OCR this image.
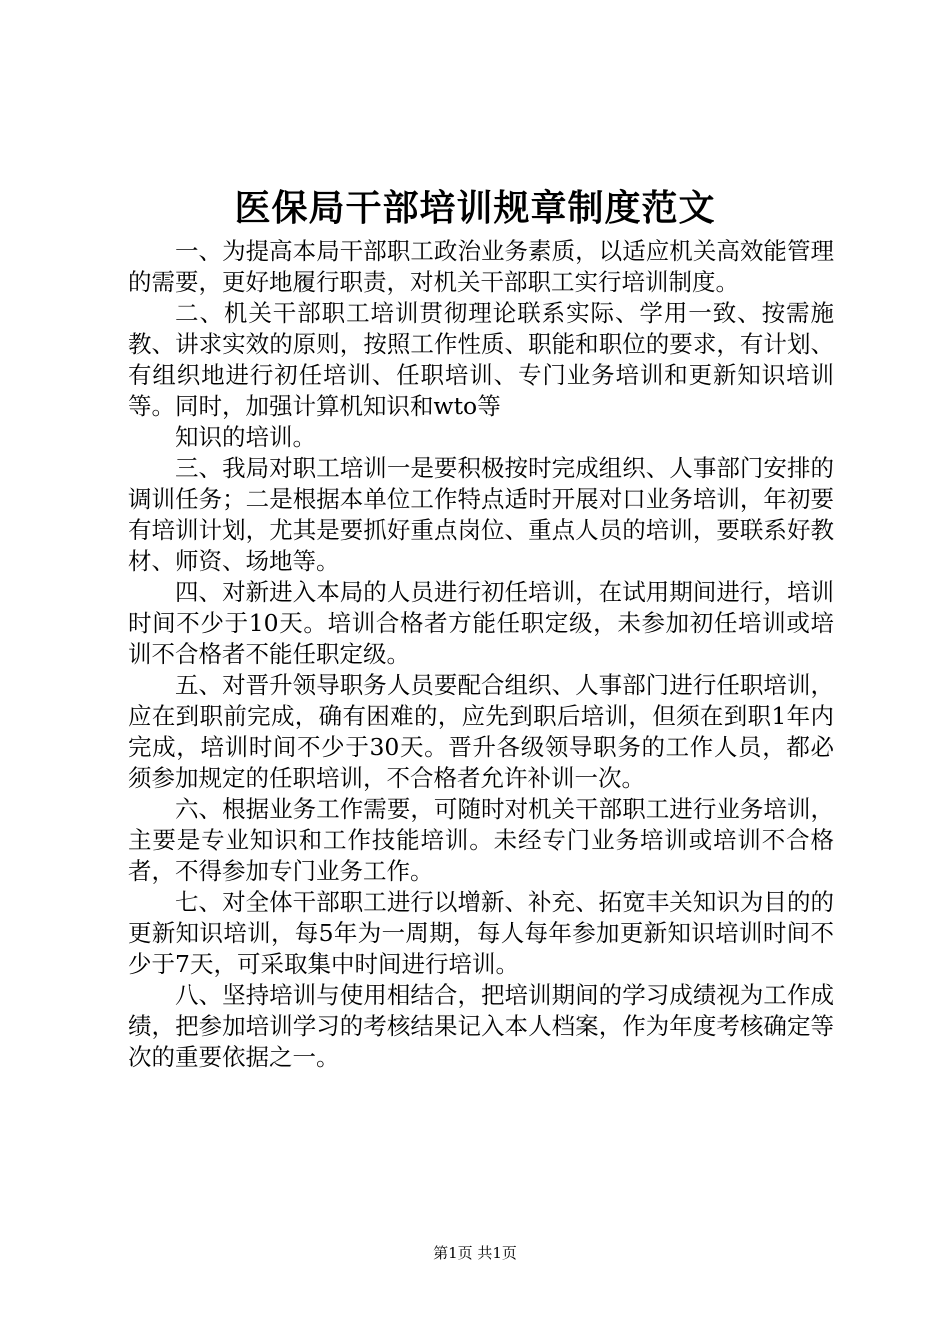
医保局干部培训规章制度范文

一、为提高本局干部职工政治业务素质，以适应机关高效能管理的需要，更好地履行职责，对机关干部职工实行培训制度。

二、机关干部职工培训贯彻理论联系实际、学用一致、按需施教、讲求实效的原则，按照工作性质、职能和职位的要求，有计划、有组织地进行初任培训、任职培训、专门业务培训和更新知识培训等。同时，加强计算机知识和wto等

知识的培训。

三、我局对职工培训一是要积极按时完成组织、人事部门安排的调训任务；二是根据本单位工作特点适时开展对口业务培训，年初要有培训计划，尤其是要抓好重点岗位、重点人员的培训，要联系好教材、师资、场地等。

四、对新进入本局的人员进行初任培训，在试用期间进行，培训时间不少于10天。培训合格者方能任职定级，未参加初任培训或培训不合格者不能任职定级。

五、对晋升领导职务人员要配合组织、人事部门进行任职培训，应在到职前完成，确有困难的，应先到职后培训，但须在到职1年内完成，培训时间不少于30天。晋升各级领导职务的工作人员，都必须参加规定的任职培训，不合格者允许补训一次。

六、根据业务工作需要，可随时对机关干部职工进行业务培训，主要是专业知识和工作技能培训。未经专门业务培训或培训不合格者，不得参加专门业务工作。

七、对全体干部职工进行以增新、补充、拓宽丰关知识为目的的更新知识培训，每5年为一周期，每人每年参加更新知识培训时间不少于7天，可采取集中时间进行培训。

八、坚持培训与使用相结合，把培训期间的学习成绩视为工作成绩，把参加培训学习的考核结果记入本人档案，作为年度考核确定等次的重要依据之一。

第1页 共1页
